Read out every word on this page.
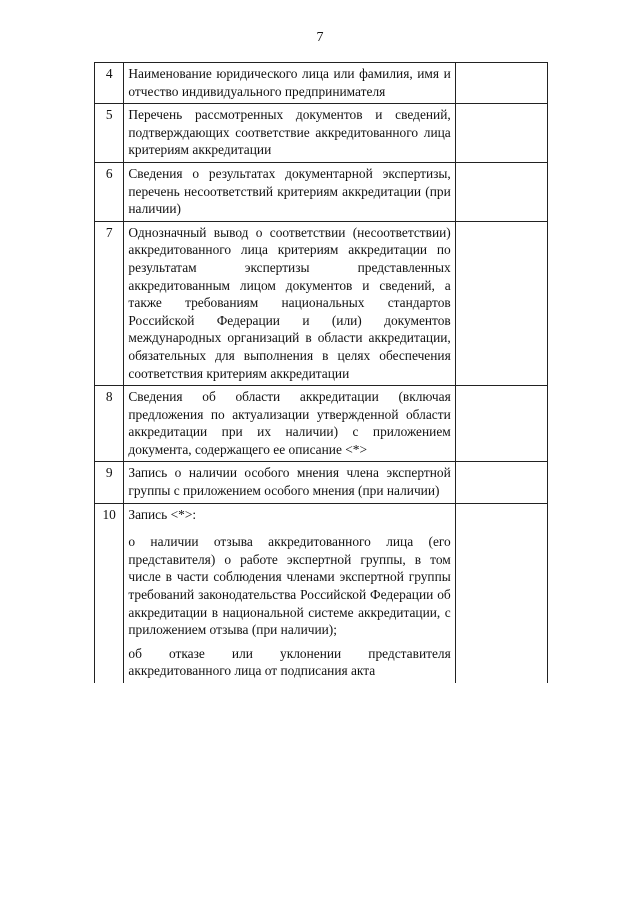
7
4	Наименование юридического лица или фамилия, имя и отчество индивидуального предпринимателя	

5	Перечень рассмотренных документов и сведений, подтверждающих соответствие аккредитованного лица критериям аккредитации	

6	Сведения о результатах документарной экспертизы, перечень несоответствий критериям аккредитации (при наличии)	

7	Однозначный вывод о соответствии (несоответствии) аккредитованного лица критериям аккредитации по результатам экспертизы представленных аккредитованным лицом документов и сведений, а также требованиям национальных стандартов Российской Федерации и (или) документов международных организаций в области аккредитации, обязательных для выполнения в целях обеспечения соответствия критериям аккредитации	

8	Сведения об области аккредитации (включая предложения по актуализации утвержденной области аккредитации при их наличии) с приложением документа, содержащего ее описание <*>	

9	Запись о наличии особого мнения члена экспертной группы с приложением особого мнения (при наличии)	

10	Запись <*>:
о наличии отзыва аккредитованного лица (его представителя) о работе экспертной группы, в том числе в части соблюдения членами экспертной группы требований законодательства Российской Федерации об аккредитации в национальной системе аккредитации, с приложением отзыва (при наличии);
об отказе или уклонении представителя аккредитованного лица от подписания акта	
